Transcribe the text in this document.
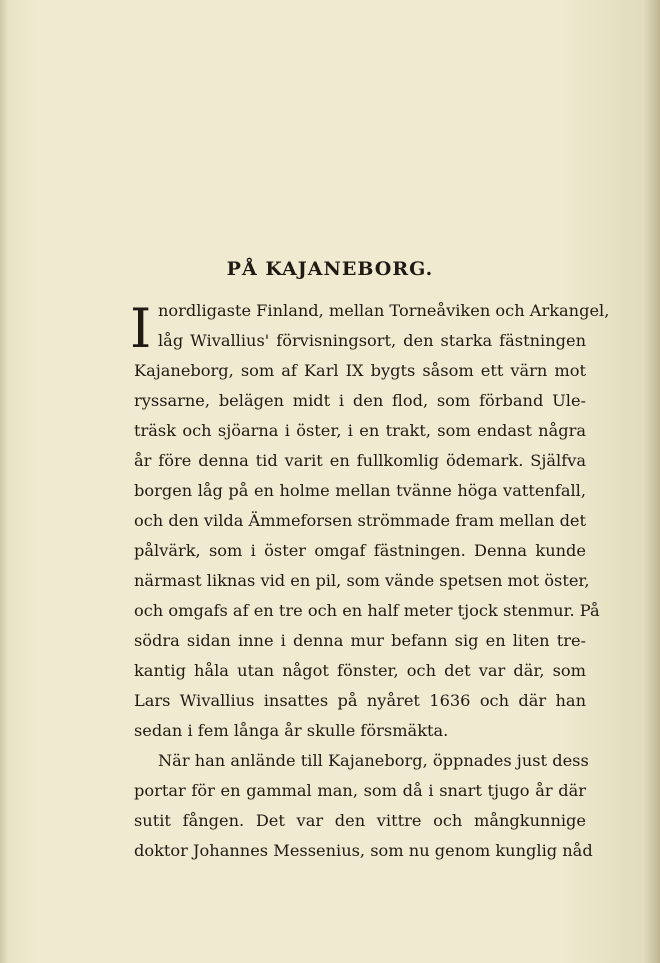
PÅ KAJANEBORG.
I nordligaste Finland, mellan Torneåviken och Arkangel,
låg Wivallius' förvisningsort, den starka fästningen
Kajaneborg, som af Karl IX bygts såsom ett värn mot
ryssarne, belägen midt i den flod, som förband Ule-
träsk och sjöarna i öster, i en trakt, som endast några
år före denna tid varit en fullkomlig ödemark. Själfva
borgen låg på en holme mellan tvänne höga vattenfall,
och den vilda Ämmeforsen strömmade fram mellan det
pålvärk, som i öster omgaf fästningen. Denna kunde
närmast liknas vid en pil, som vände spetsen mot öster,
och omgafs af en tre och en half meter tjock stenmur. På
södra sidan inne i denna mur befann sig en liten tre-
kantig håla utan något fönster, och det var där, som
Lars Wivallius insattes på nyåret 1636 och där han
sedan i fem långa år skulle försmäkta.

När han anlände till Kajaneborg, öppnades just dess
portar för en gammal man, som då i snart tjugo år där
sutit fången. Det var den vittre och mångkunnige
doktor Johannes Messenius, som nu genom kunglig nåd
